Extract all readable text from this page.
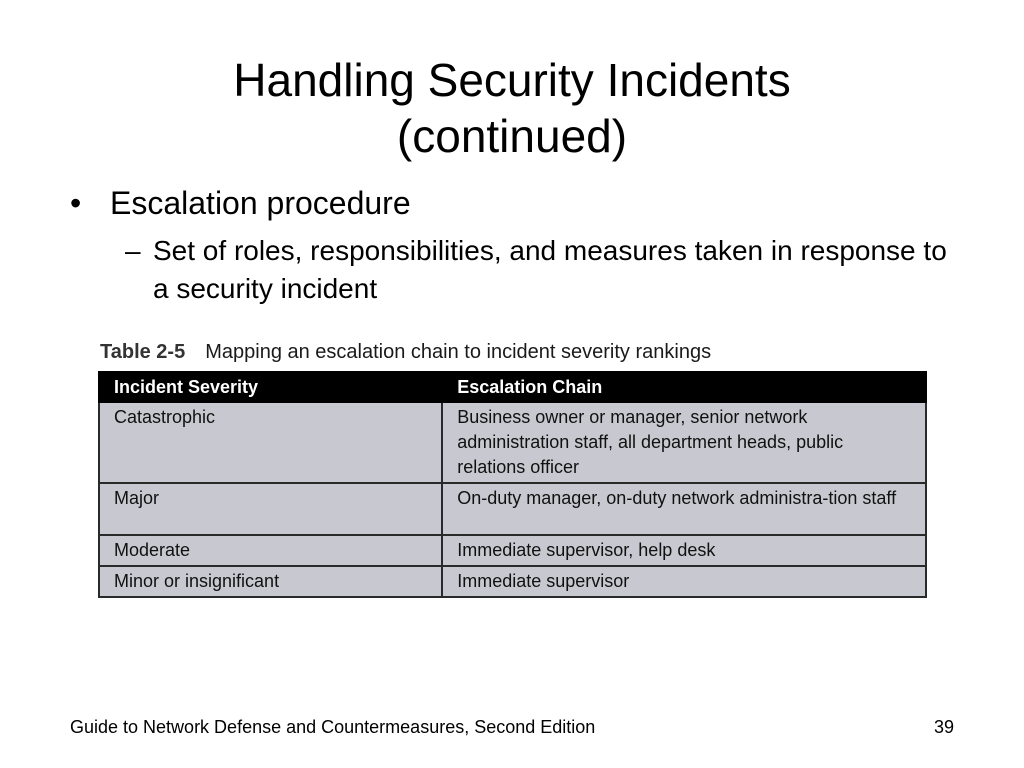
Handling Security Incidents
(continued)
• Escalation procedure
– Set of roles, responsibilities, and measures taken in response to a security incident
Table 2-5 Mapping an escalation chain to incident severity rankings
Incident Severity	Escalation Chain
Catastrophic	Business owner or manager, senior network administration staff, all department heads, public relations officer
Major	On-duty manager, on-duty network administra-tion staff
Moderate	Immediate supervisor, help desk
Minor or insignificant	Immediate supervisor
Guide to Network Defense and Countermeasures, Second Edition	39
